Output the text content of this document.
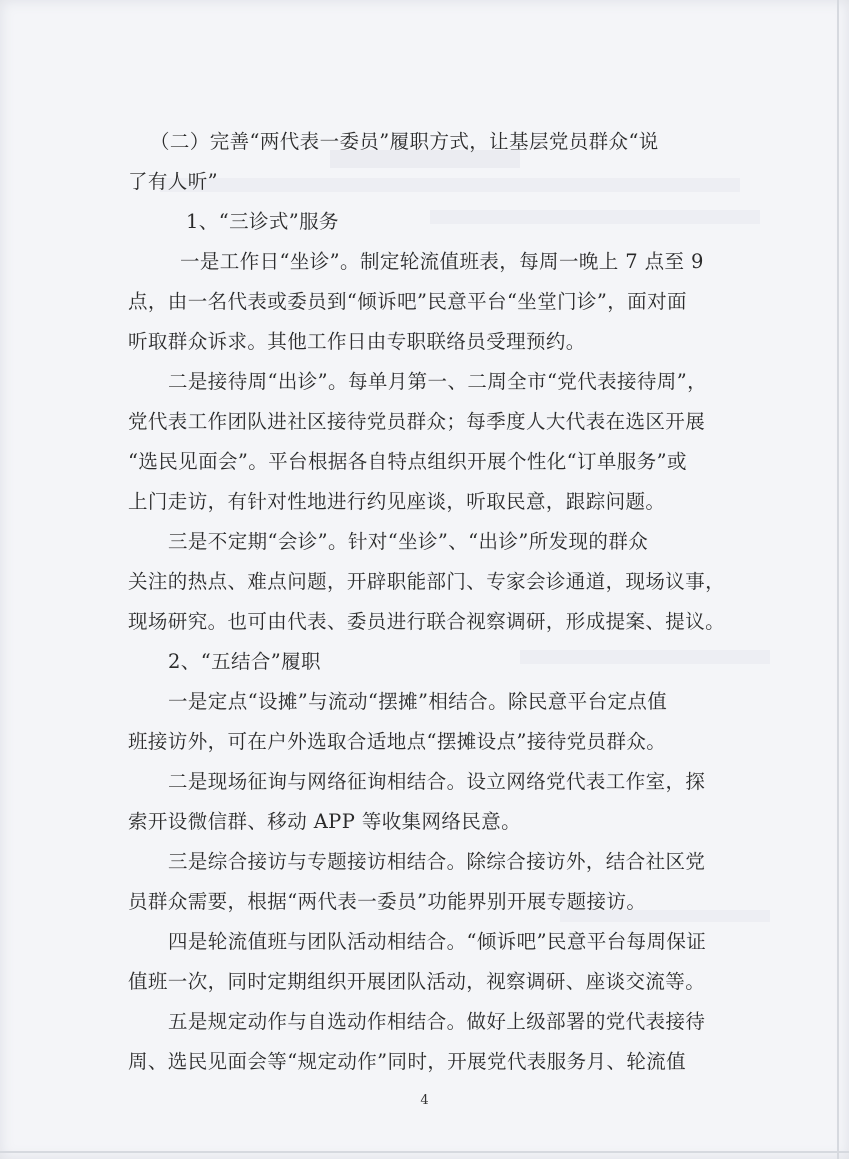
（二）完善“两代表一委员”履职方式，让基层党员群众“说
了有人听”
1、“三诊式”服务
一是工作日“坐诊”。制定轮流值班表，每周一晚上 7 点至 9
点，由一名代表或委员到“倾诉吧”民意平台“坐堂门诊”，面对面
听取群众诉求。其他工作日由专职联络员受理预约。
二是接待周“出诊”。每单月第一、二周全市“党代表接待周”，
党代表工作团队进社区接待党员群众；每季度人大代表在选区开展
“选民见面会”。平台根据各自特点组织开展个性化“订单服务”或
上门走访，有针对性地进行约见座谈，听取民意，跟踪问题。
三是不定期“会诊”。针对“坐诊”、“出诊”所发现的群众
关注的热点、难点问题，开辟职能部门、专家会诊通道，现场议事，
现场研究。也可由代表、委员进行联合视察调研，形成提案、提议。
2、“五结合”履职
一是定点“设摊”与流动“摆摊”相结合。除民意平台定点值
班接访外，可在户外选取合适地点“摆摊设点”接待党员群众。
二是现场征询与网络征询相结合。设立网络党代表工作室，探
索开设微信群、移动 APP 等收集网络民意。
三是综合接访与专题接访相结合。除综合接访外，结合社区党
员群众需要，根据“两代表一委员”功能界别开展专题接访。
四是轮流值班与团队活动相结合。“倾诉吧”民意平台每周保证
值班一次，同时定期组织开展团队活动，视察调研、座谈交流等。
五是规定动作与自选动作相结合。做好上级部署的党代表接待
周、选民见面会等“规定动作”同时，开展党代表服务月、轮流值
4
